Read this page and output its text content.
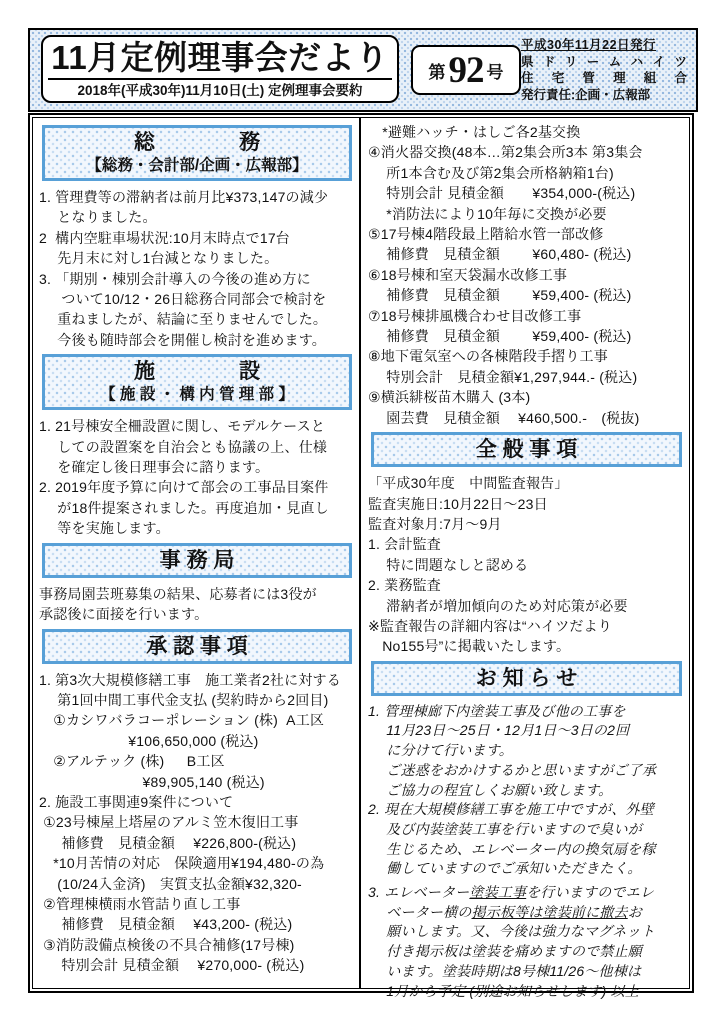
11月定例理事会だより
2018年(平成30年)11月10日(土) 定例理事会要約
第 92 号
平成30年11月22日発行
県ドリームハイツ
住宅管理組合
発行責任:企画・広報部
総　　　　務
【総務・会計部/企画・広報部】
1. 管理費等の滞納者は前月比¥373,147の減少
　 となりました。
2  構内空駐車場状況:10月末時点で17台
　 先月末に対し1台減となりました。
3. 「期別・棟別会計導入の今後の進め方に
　  ついて10/12・26日総務合同部会で検討を
　 重ねましたが、結論に至りませんでした。
　 今後も随時部会を開催し検討を進めます。
施　　　　設
【 施 設 ・ 構 内 管 理 部 】
1. 21号棟安全柵設置に関し、モデルケースと
　 しての設置案を自治会とも協議の上、仕様
　 を確定し後日理事会に諮ります。
2. 2019年度予算に向けて部会の工事品目案件
　 が18件提案されました。再度追加・見直し
　 等を実施します。
事 務 局
事務局園芸班募集の結果、応募者には3役が
承認後に面接を行います。
承 認 事 項
1. 第3次大規模修繕工事　施工業者2社に対する
　 第1回中間工事代金支払 (契約時から2回目)
　①カシワバラコーポレーション (株)  A工区
　　　　　　 ¥106,650,000 (税込)
　②アルテック (株)　  B工区
　　　　　　　 ¥89,905,140 (税込)
2. 施設工事関連9案件について
①23号棟屋上塔屋のアルミ笠木復旧工事
　  補修費　見積金額　 ¥226,800-(税込)
　*10月苦情の対応　保険適用¥194,480-の為
　 (10/24入金済)　実質支払金額¥32,320-
②管理棟横雨水管詰り直し工事
　  補修費　見積金額　 ¥43,200- (税込)
③消防設備点検後の不具合補修(17号棟)
　  特別会計 見積金額　 ¥270,000- (税込)
　*避難ハッチ・はしご各2基交換
④消火器交換(48本…第2集会所3本 第3集会
　 所1本含む及び第2集会所格納箱1台)
　 特別会計 見積金額　　¥354,000-(税込)
　 *消防法により10年毎に交換が必要
⑤17号棟4階段最上階給水管一部改修
　 補修費　見積金額　　 ¥60,480- (税込)
⑥18号棟和室天袋漏水改修工事
　 補修費　見積金額　　 ¥59,400- (税込)
⑦18号棟排風機合わせ目改修工事
　 補修費　見積金額　　 ¥59,400- (税込)
⑧地下電気室への各棟階段手摺り工事
　 特別会計　見積金額¥1,297,944.- (税込)
⑨横浜緋桜苗木購入 (3本)
　 園芸費　見積金額　 ¥460,500.-　(税抜)
全 般 事 項
「平成30年度　中間監査報告」
監査実施日:10月22日〜23日
監査対象月:7月〜9月
1. 会計監査
　 特に問題なしと認める
2. 業務監査
　 滞納者が増加傾向のため対応策が必要
※監査報告の詳細内容は“ハイツだより
　No155号”に掲載いたします。
お 知 ら せ
1. 管理棟廊下内塗装工事及び他の工事を
　 11月23日〜25日・12月1日〜3日の2回
　 に分けて行います。
　 ご迷惑をおかけするかと思いますがご了承
　 ご協力の程宜しくお願い致します。
2. 現在大規模修繕工事を施工中ですが、外壁
　 及び内装塗装工事を行いますので臭いが
　 生じるため、エレベーター内の換気扇を稼
　 働していますのでご承知いただきたく。
3. エレベーター塗装工事を行いますのでエレ
　 ベーター横の掲示板等は塗装前に撤去お
　 願いします。又、今後は強力なマグネット
　 付き掲示板は塗装を痛めますので禁止願
　 います。塗装時期は8号棟11/26〜他棟は
　 1月から予定 (別途お知らせします) 以上
